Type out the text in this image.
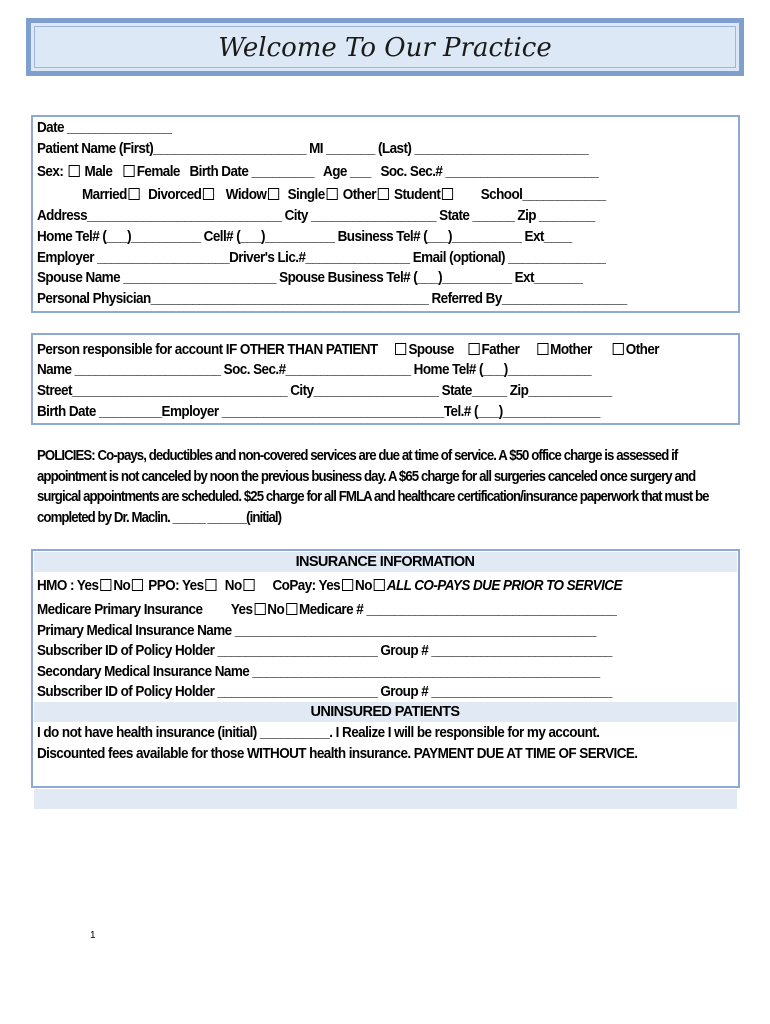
Welcome To Our Practice
Date _______________
Patient Name (First)______________________ MI _______ (Last) _________________________
Sex: Male Female Birth Date _________ Age ___ Soc. Sec.# ______________________
Married Divorced Widow Single Other Student	School____________
Address____________________________ City __________________ State ______ Zip ________
Home Tel# (___)__________ Cell# (___)__________ Business Tel# (___)__________ Ext____
Employer ___________________Driver's Lic.#_______________ Email (optional) ______________
Spouse Name ______________________ Spouse Business Tel# (___)__________ Ext_______
Personal Physician________________________________________ Referred By__________________
Person responsible for account IF OTHER THAN PATIENT Spouse Father Mother Other
Name _____________________ Soc. Sec.#__________________ Home Tel# (___)____________
Street_______________________________ City__________________ State_____ Zip____________
Birth Date _________Employer ________________________________Tel.# (___)______________
POLICIES: Co-pays, deductibles and non-covered services are due at time of service. A $50 office charge is assessed if appointment is not canceled by noon the previous business day. A $65 charge for all surgeries canceled once surgery and surgical appointments are scheduled. $25 charge for all FMLA and healthcare certification/insurance paperwork that must be completed by Dr. Maclin. _____ ______(initial)
INSURANCE INFORMATION
HMO : Yes No PPO: Yes No CoPay: Yes No ALL CO-PAYS DUE PRIOR TO SERVICE
Medicare Primary Insurance Yes No Medicare # ____________________________________
Primary Medical Insurance Name ____________________________________________________
Subscriber ID of Policy Holder _______________________ Group # __________________________
Secondary Medical Insurance Name __________________________________________________
Subscriber ID of Policy Holder _______________________ Group # __________________________
UNINSURED PATIENTS
I do not have health insurance (initial) __________. I Realize I will be responsible for my account.
Discounted fees available for those WITHOUT health insurance. PAYMENT DUE AT TIME OF SERVICE.
1
